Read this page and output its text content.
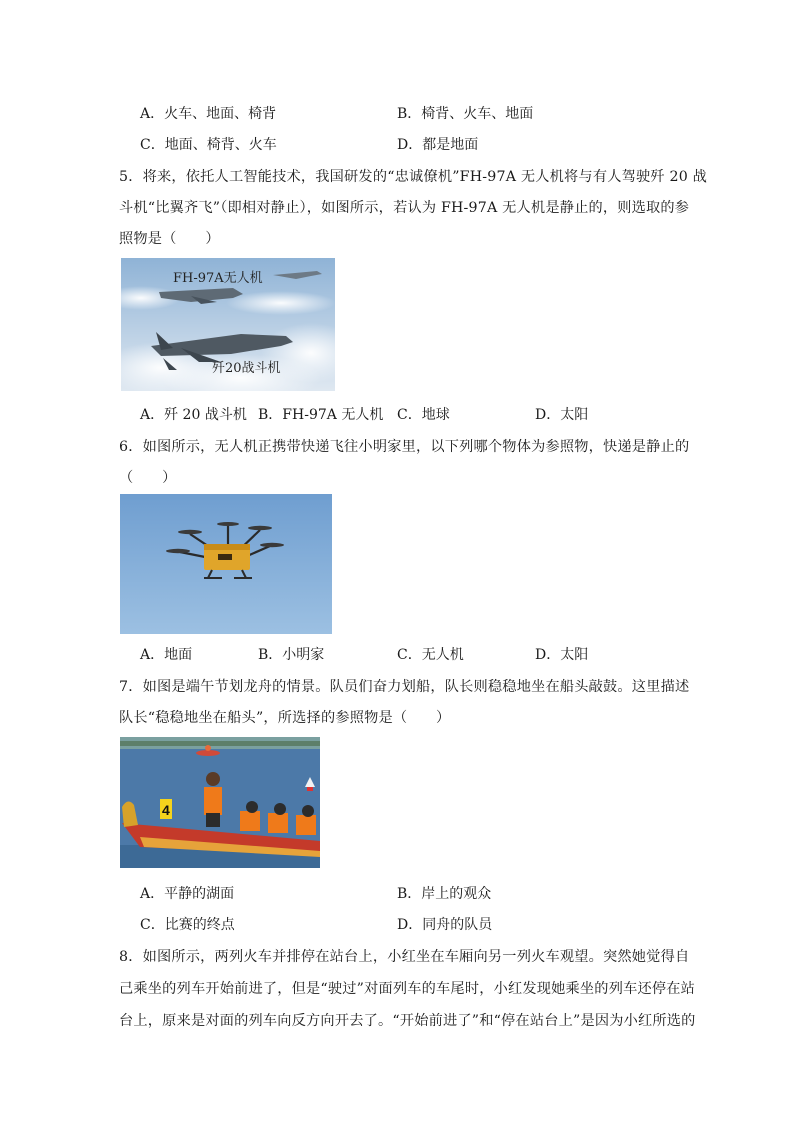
A．火车、地面、椅背	B．椅背、火车、地面
C．地面、椅背、火车	D．都是地面
5．将来，依托人工智能技术，我国研发的“忠诚僚机”FH-97A 无人机将与有人驾驶歼 20 战
斗机“比翼齐飞”（即相对静止），如图所示，若认为 FH-97A 无人机是静止的，则选取的参
照物是（　　）
FH-97A无人机
歼20战斗机
A．歼 20 战斗机 B．FH-97A 无人机 C．地球	D．太阳
6．如图所示，无人机正携带快递飞往小明家里，以下列哪个物体为参照物，快递是静止的
（　　）
A．地面	B．小明家	C．无人机	D．太阳
7．如图是端午节划龙舟的情景。队员们奋力划船，队长则稳稳地坐在船头敲鼓。这里描述
队长“稳稳地坐在船头”，所选择的参照物是（　　）
4
A．平静的湖面	B．岸上的观众
C．比赛的终点	D．同舟的队员
8．如图所示，两列火车并排停在站台上，小红坐在车厢向另一列火车观望。突然她觉得自
己乘坐的列车开始前进了，但是“驶过”对面列车的车尾时，小红发现她乘坐的列车还停在站
台上，原来是对面的列车向反方向开去了。“开始前进了”和“停在站台上”是因为小红所选的
